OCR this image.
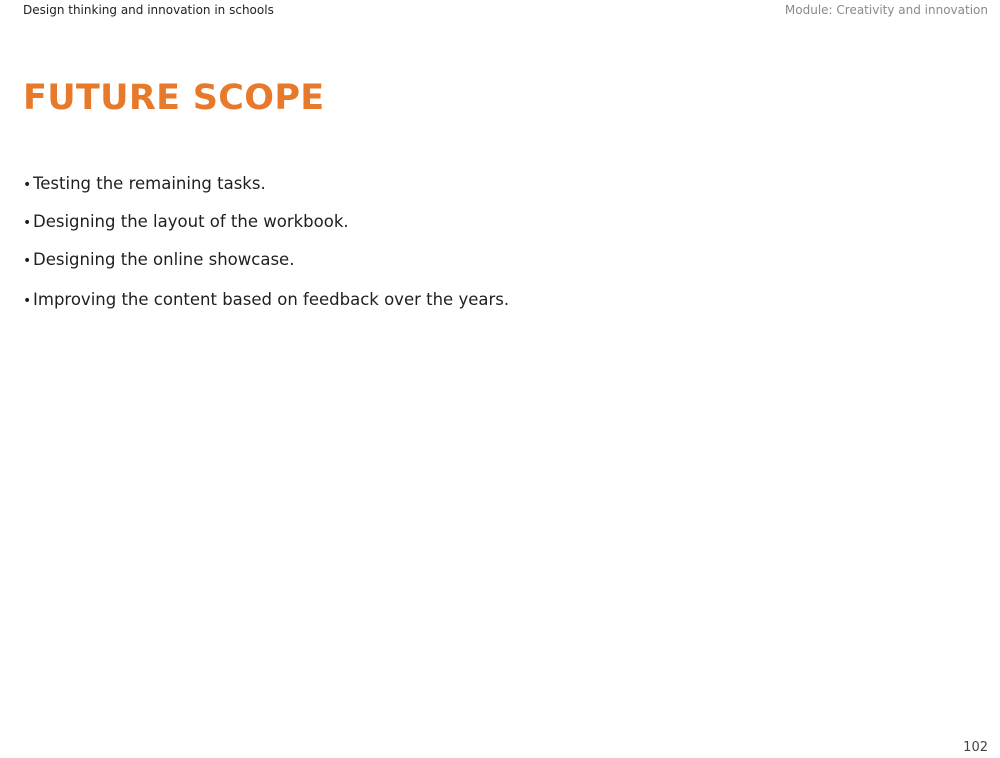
Design thinking and innovation in schools	Module: Creativity and innovation
FUTURE SCOPE
• Testing the remaining tasks.
• Designing the layout of the workbook.
• Designing the online showcase.
• Improving the content based on feedback over the years.
102
